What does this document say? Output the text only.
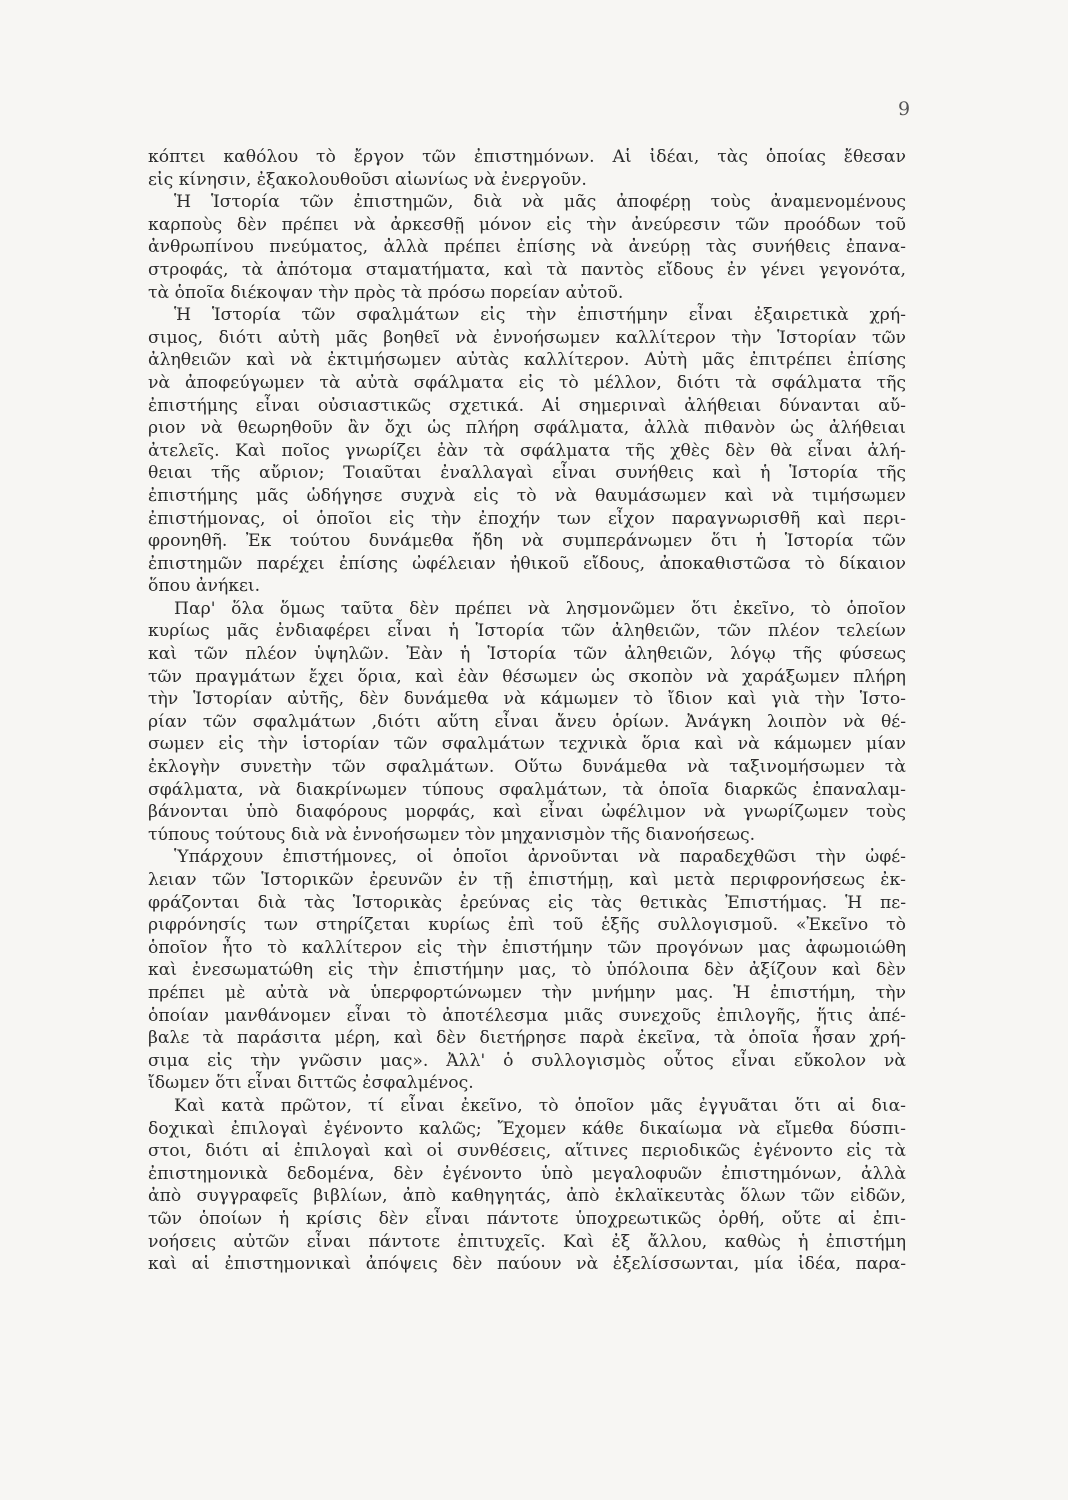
9
κόπτει καθόλου τὸ ἔργον τῶν ἐπιστημόνων. Αἱ ἰδέαι, τὰς ὁποίας ἔθεσαν
εἰς κίνησιν, ἐξακολουθοῦσι αἰωνίως νὰ ἐνεργοῦν.
Ἡ Ἱστορία τῶν ἐπιστημῶν, διὰ νὰ μᾶς ἀποφέρῃ τοὺς ἀναμενομένους
καρποὺς δὲν πρέπει νὰ ἀρκεσθῇ μόνον εἰς τὴν ἀνεύρεσιν τῶν προόδων τοῦ
ἀνθρωπίνου πνεύματος, ἀλλὰ πρέπει ἐπίσης νὰ ἀνεύρῃ τὰς συνήθεις ἐπανα-
στροφάς, τὰ ἀπότομα σταματήματα, καὶ τὰ παντὸς εἴδους ἐν γένει γεγονότα,
τὰ ὁποῖα διέκοψαν τὴν πρὸς τὰ πρόσω πορείαν αὐτοῦ.
Ἡ Ἱστορία τῶν σφαλμάτων εἰς τὴν ἐπιστήμην εἶναι ἐξαιρετικὰ χρή-
σιμος, διότι αὐτὴ μᾶς βοηθεῖ νὰ ἐννοήσωμεν καλλίτερον τὴν Ἱστορίαν τῶν
ἀληθειῶν καὶ νὰ ἐκτιμήσωμεν αὐτὰς καλλίτερον. Αὐτὴ μᾶς ἐπιτρέπει ἐπίσης
νὰ ἀποφεύγωμεν τὰ αὐτὰ σφάλματα εἰς τὸ μέλλον, διότι τὰ σφάλματα τῆς
ἐπιστήμης εἶναι οὐσιαστικῶς σχετικά. Αἱ σημεριναὶ ἀλήθειαι δύνανται αὔ-
ριον νὰ θεωρηθοῦν ἂν ὄχι ὡς πλήρη σφάλματα, ἀλλὰ πιθανὸν ὡς ἀλήθειαι
ἀτελεῖς. Καὶ ποῖος γνωρίζει ἐὰν τὰ σφάλματα τῆς χθὲς δὲν θὰ εἶναι ἀλή-
θειαι τῆς αὔριον; Τοιαῦται ἐναλλαγαὶ εἶναι συνήθεις καὶ ἡ Ἱστορία τῆς
ἐπιστήμης μᾶς ὡδήγησε συχνὰ εἰς τὸ νὰ θαυμάσωμεν καὶ νὰ τιμήσωμεν
ἐπιστήμονας, οἱ ὁποῖοι εἰς τὴν ἐποχήν των εἶχον παραγνωρισθῆ καὶ περι-
φρονηθῆ. Ἐκ τούτου δυνάμεθα ἤδη νὰ συμπεράνωμεν ὅτι ἡ Ἱστορία τῶν
ἐπιστημῶν παρέχει ἐπίσης ὠφέλειαν ἠθικοῦ εἴδους, ἀποκαθιστῶσα τὸ δίκαιον
ὅπου ἀνήκει.
Παρ' ὅλα ὅμως ταῦτα δὲν πρέπει νὰ λησμονῶμεν ὅτι ἐκεῖνο, τὸ ὁποῖον
κυρίως μᾶς ἐνδιαφέρει εἶναι ἡ Ἱστορία τῶν ἀληθειῶν, τῶν πλέον τελείων
καὶ τῶν πλέον ὑψηλῶν. Ἐὰν ἡ Ἱστορία τῶν ἀληθειῶν, λόγῳ τῆς φύσεως
τῶν πραγμάτων ἔχει ὅρια, καὶ ἐὰν θέσωμεν ὡς σκοπὸν νὰ χαράξωμεν πλήρη
τὴν Ἱστορίαν αὐτῆς, δὲν δυνάμεθα νὰ κάμωμεν τὸ ἴδιον καὶ γιὰ τὴν Ἱστο-
ρίαν τῶν σφαλμάτων ,διότι αὕτη εἶναι ἄνευ ὁρίων. Ἀνάγκη λοιπὸν νὰ θέ-
σωμεν εἰς τὴν ἱστορίαν τῶν σφαλμάτων τεχνικὰ ὅρια καὶ νὰ κάμωμεν μίαν
ἐκλογὴν συνετὴν τῶν σφαλμάτων. Οὕτω δυνάμεθα νὰ ταξινομήσωμεν τὰ
σφάλματα, νὰ διακρίνωμεν τύπους σφαλμάτων, τὰ ὁποῖα διαρκῶς ἐπαναλαμ-
βάνονται ὑπὸ διαφόρους μορφάς, καὶ εἶναι ὠφέλιμον νὰ γνωρίζωμεν τοὺς
τύπους τούτους διὰ νὰ ἐννοήσωμεν τὸν μηχανισμὸν τῆς διανοήσεως.
Ὑπάρχουν ἐπιστήμονες, οἱ ὁποῖοι ἀρνοῦνται νὰ παραδεχθῶσι τὴν ὠφέ-
λειαν τῶν Ἱστορικῶν ἐρευνῶν ἐν τῇ ἐπιστήμῃ, καὶ μετὰ περιφρονήσεως ἐκ-
φράζονται διὰ τὰς Ἱστορικὰς ἐρεύνας εἰς τὰς θετικὰς Ἐπιστήμας. Ἡ πε-
ριφρόνησίς των στηρίζεται κυρίως ἐπὶ τοῦ ἑξῆς συλλογισμοῦ. «Ἐκεῖνο τὸ
ὁποῖον ἦτο τὸ καλλίτερον εἰς τὴν ἐπιστήμην τῶν προγόνων μας ἀφωμοιώθη
καὶ ἐνεσωματώθη εἰς τὴν ἐπιστήμην μας, τὸ ὑπόλοιπα δὲν ἀξίζουν καὶ δὲν
πρέπει μὲ αὐτὰ νὰ ὑπερφορτώνωμεν τὴν μνήμην μας. Ἡ ἐπιστήμη, τὴν
ὁποίαν μανθάνομεν εἶναι τὸ ἀποτέλεσμα μιᾶς συνεχοῦς ἐπιλογῆς, ἥτις ἀπέ-
βαλε τὰ παράσιτα μέρη, καὶ δὲν διετήρησε παρὰ ἐκεῖνα, τὰ ὁποῖα ἦσαν χρή-
σιμα εἰς τὴν γνῶσιν μας». Ἀλλ' ὁ συλλογισμὸς οὗτος εἶναι εὔκολον νὰ
ἴδωμεν ὅτι εἶναι διττῶς ἐσφαλμένος.
Καὶ κατὰ πρῶτον, τί εἶναι ἐκεῖνο, τὸ ὁποῖον μᾶς ἐγγυᾶται ὅτι αἱ δια-
δοχικαὶ ἐπιλογαὶ ἐγένοντο καλῶς; Ἔχομεν κάθε δικαίωμα νὰ εἴμεθα δύσπι-
στοι, διότι αἱ ἐπιλογαὶ καὶ οἱ συνθέσεις, αἵτινες περιοδικῶς ἐγένοντο εἰς τὰ
ἐπιστημονικὰ δεδομένα, δὲν ἐγένοντο ὑπὸ μεγαλοφυῶν ἐπιστημόνων, ἀλλὰ
ἀπὸ συγγραφεῖς βιβλίων, ἀπὸ καθηγητάς, ἀπὸ ἐκλαϊκευτὰς ὅλων τῶν εἰδῶν,
τῶν ὁποίων ἡ κρίσις δὲν εἶναι πάντοτε ὑποχρεωτικῶς ὀρθή, οὔτε αἱ ἐπι-
νοήσεις αὐτῶν εἶναι πάντοτε ἐπιτυχεῖς. Καὶ ἐξ ἄλλου, καθὼς ἡ ἐπιστήμη
καὶ αἱ ἐπιστημονικαὶ ἀπόψεις δὲν παύουν νὰ ἐξελίσσωνται, μία ἰδέα, παρα-
